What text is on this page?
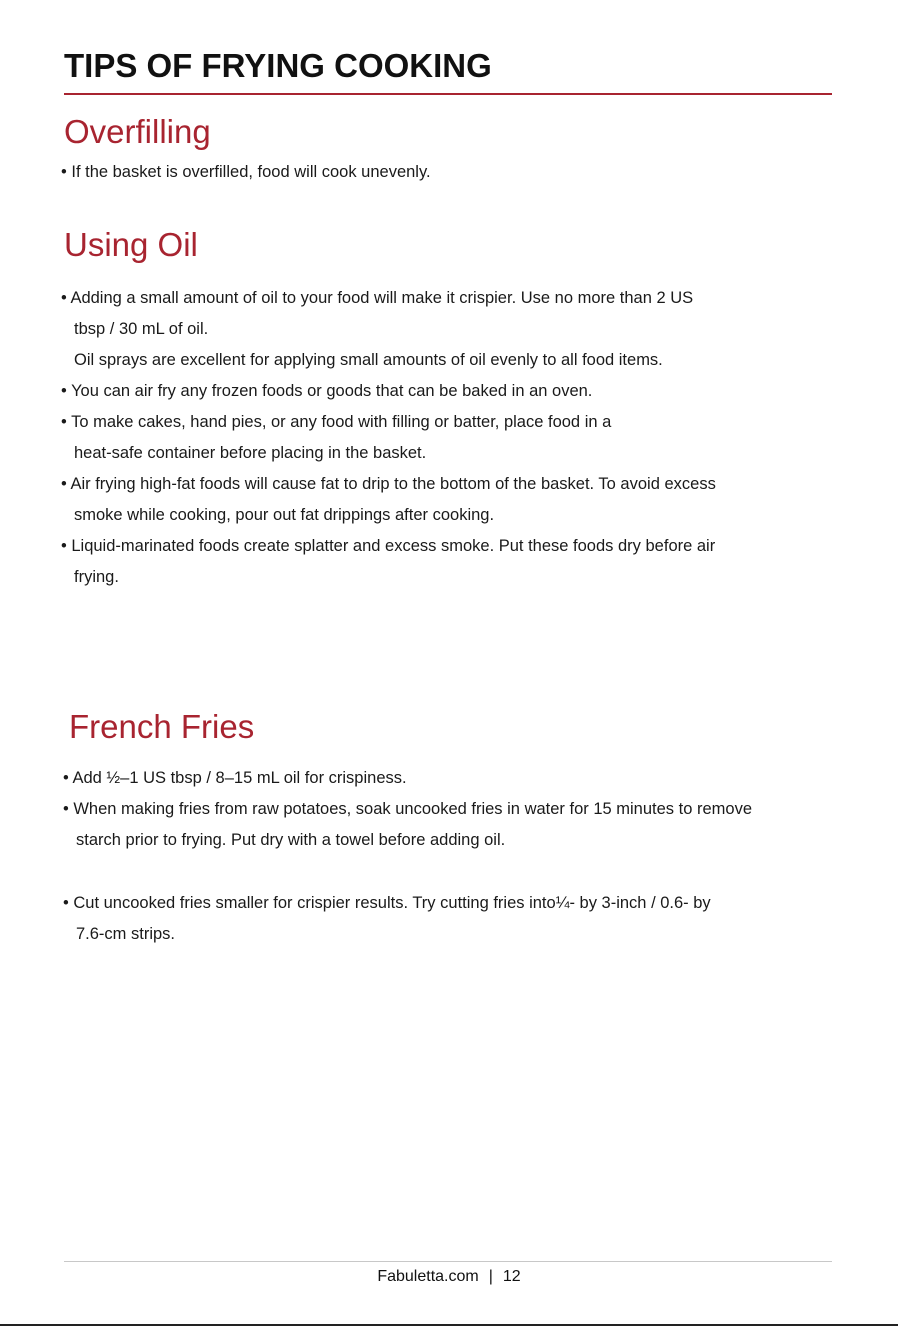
TIPS OF FRYING COOKING
Overfilling

• If the basket is overfilled, food will cook unevenly.

Using Oil

• Adding a small amount of oil to your food will make it crispier. Use no more than 2 US

tbsp / 30 mL of oil.

Oil sprays are excellent for applying small amounts of oil evenly to all food items.

• You can air fry any frozen foods or goods that can be baked in an oven.

• To make cakes, hand pies, or any food with filling or batter, place food in a

heat-safe container before placing in the basket.

• Air frying high-fat foods will cause fat to drip to the bottom of the basket. To avoid excess

smoke while cooking, pour out fat drippings after cooking.

• Liquid-marinated foods create splatter and excess smoke. Put these foods dry before air

frying.

French Fries

• Add ½–1 US tbsp / 8–15 mL oil for crispiness.

• When making fries from raw potatoes, soak uncooked fries in water for 15 minutes to remove

starch prior to frying. Put dry with a towel before adding oil.

• Cut uncooked fries smaller for crispier results. Try cutting fries into¼- by 3-inch / 0.6- by

7.6-cm strips.

Fabuletta.com | 12
